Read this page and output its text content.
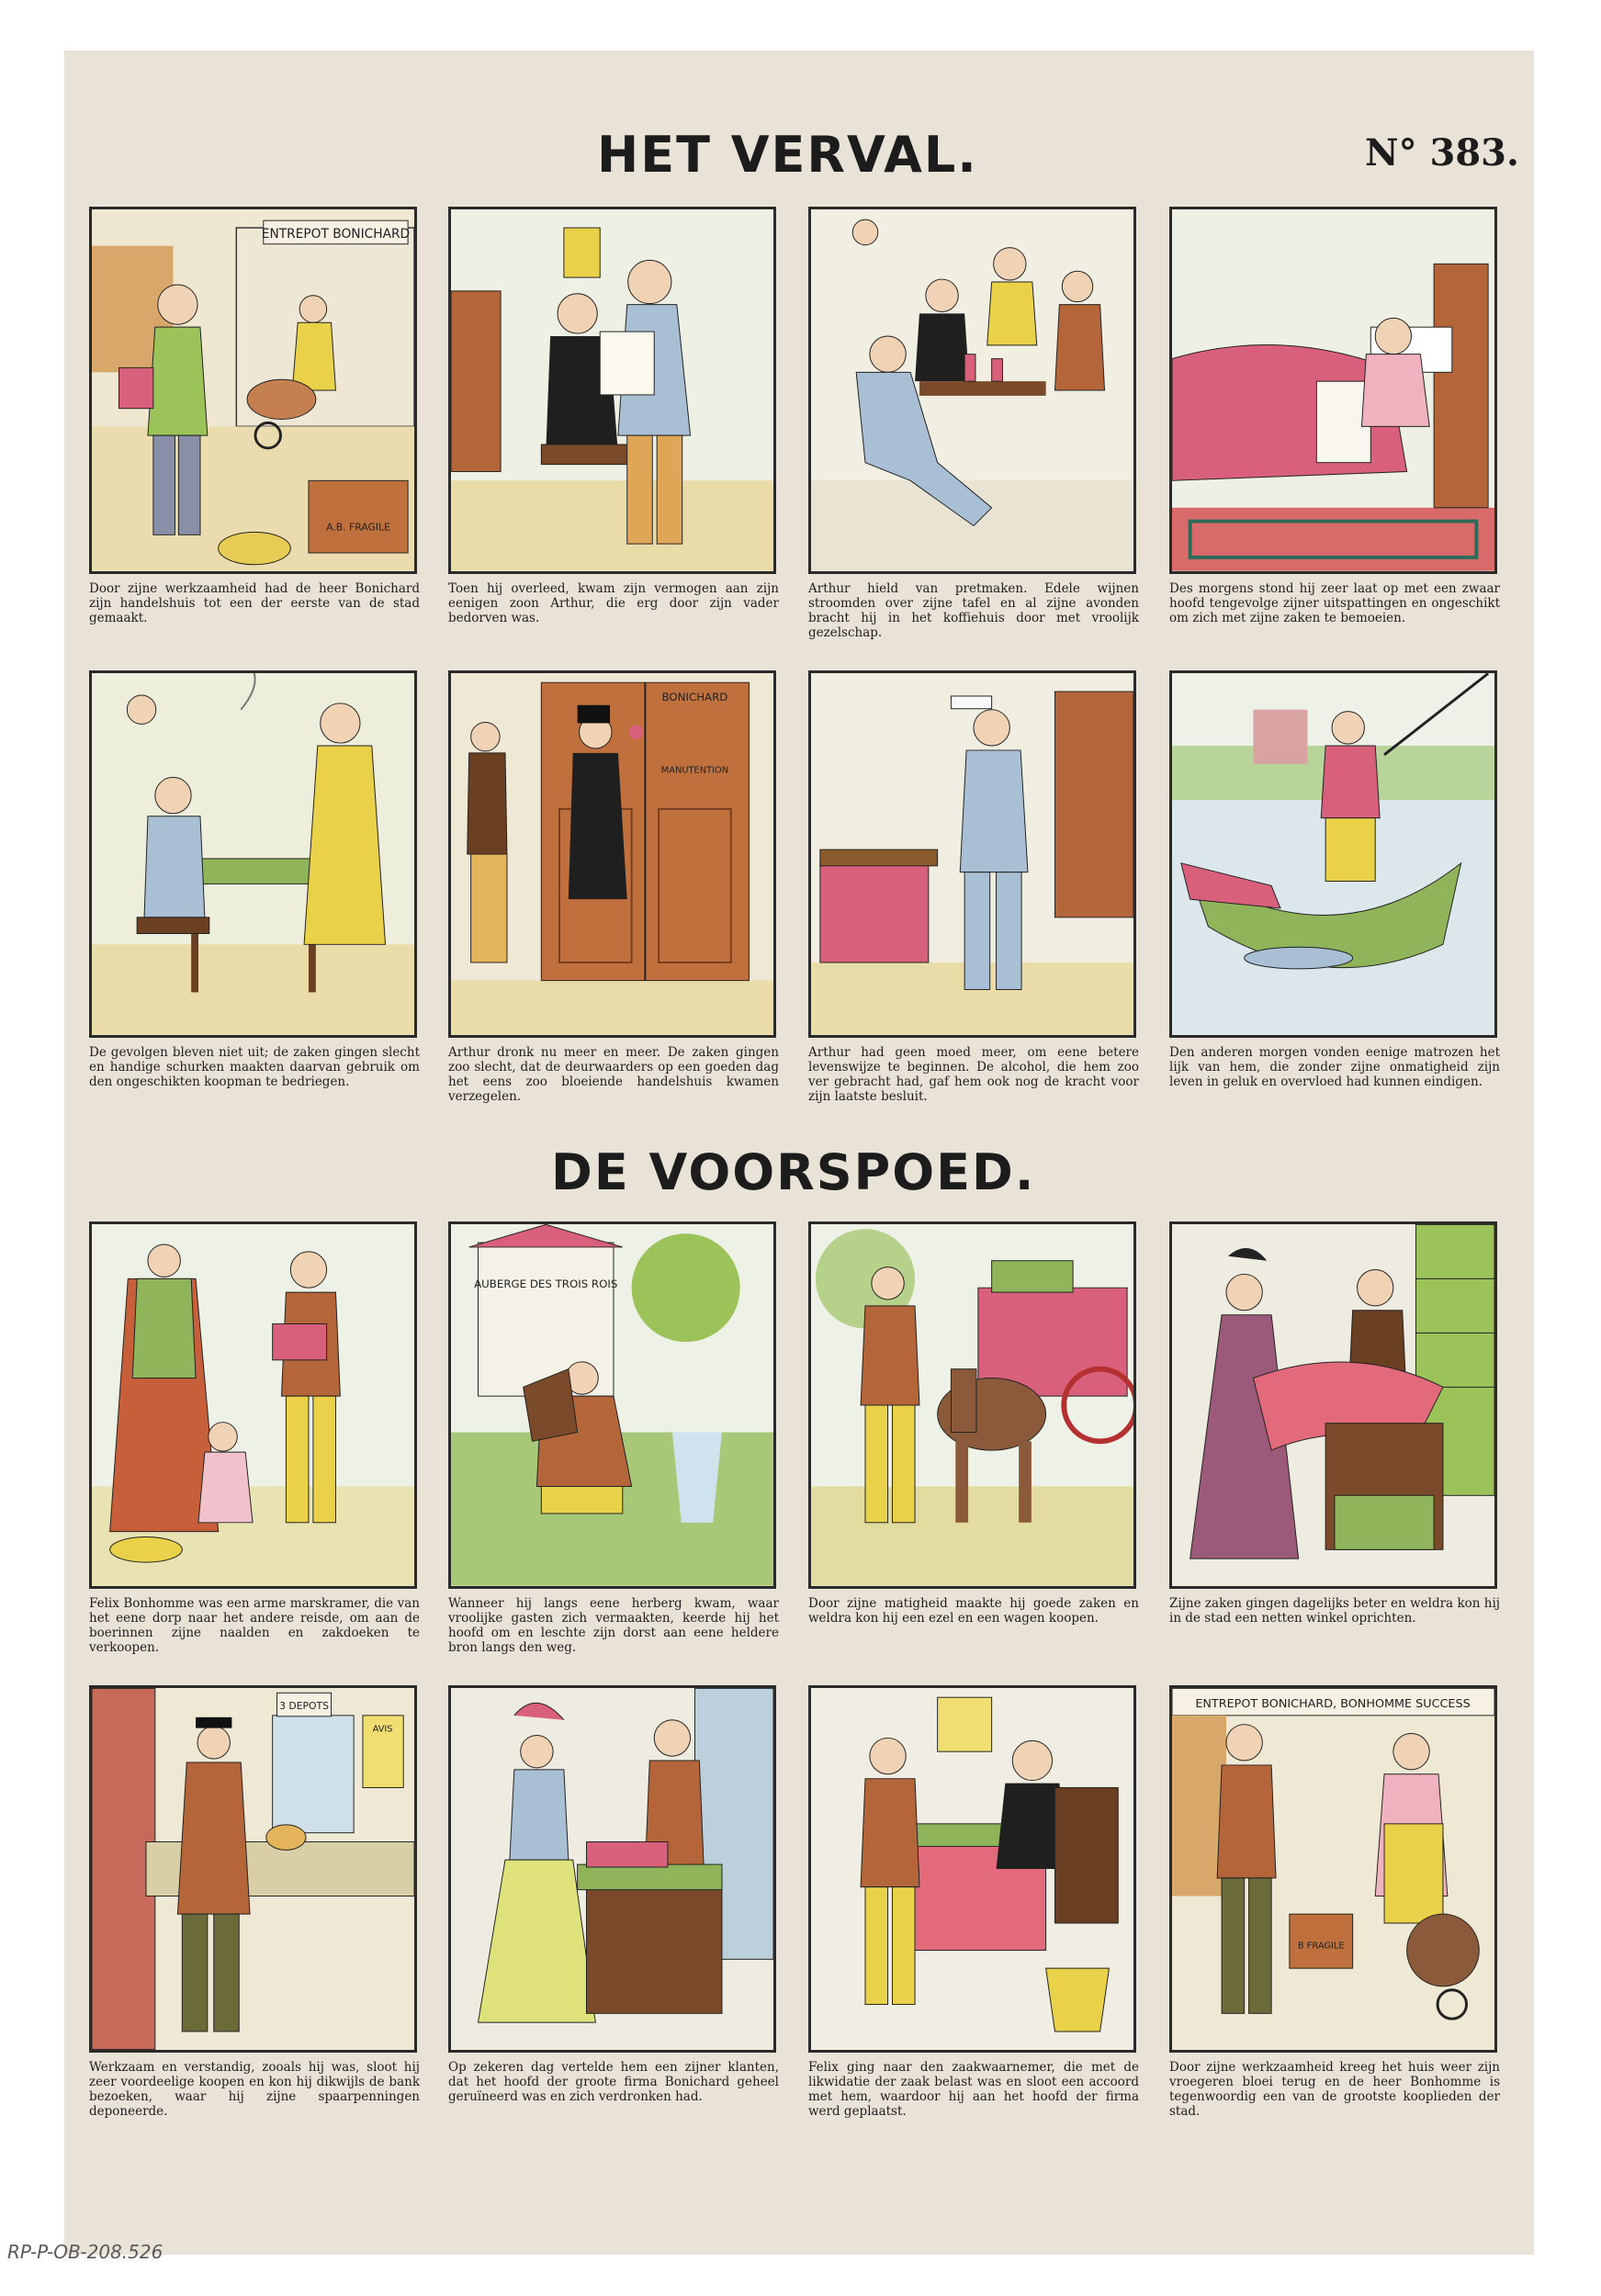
HET VERVAL.	N° 383.
DE VOORSPOED.
ENTREPOT BONICHARD
A.B. FRAGILE

Door zijne werkzaamheid had de heer Bonichard zijn handelshuis tot een der eerste van de stad gemaakt.

Toen hij overleed, kwam zijn vermogen aan zijn eenigen zoon Arthur, die erg door zijn vader bedorven was.

Arthur hield van pretmaken. Edele wijnen stroomden over zijne tafel en al zijne avonden bracht hij in het koffiehuis door met vroolijk gezelschap.

Des morgens stond hij zeer laat op met een zwaar hoofd tengevolge zijner uitspattingen en ongeschikt om zich met zijne zaken te bemoeien.

De gevolgen bleven niet uit; de zaken gingen slecht en handige schurken maakten daarvan gebruik om den ongeschikten koopman te bedriegen.

BONICHARD
MANUTENTION

Arthur dronk nu meer en meer. De zaken gingen zoo slecht, dat de deurwaarders op een goeden dag het eens zoo bloeiende handelshuis kwamen verzegelen.

Arthur had geen moed meer, om eene betere levenswijze te beginnen. De alcohol, die hem zoo ver gebracht had, gaf hem ook nog de kracht voor zijn laatste besluit.

Den anderen morgen vonden eenige matrozen het lijk van hem, die zonder zijne onmatigheid zijn leven in geluk en overvloed had kunnen eindigen.

Felix Bonhomme was een arme marskramer, die van het eene dorp naar het andere reisde, om aan de boerinnen zijne naalden en zakdoeken te verkoopen.

AUBERGE DES TROIS ROIS

Wanneer hij langs eene herberg kwam, waar vroolijke gasten zich vermaakten, keerde hij het hoofd om en leschte zijn dorst aan eene heldere bron langs den weg.

Door zijne matigheid maakte hij goede zaken en weldra kon hij een ezel en een wagen koopen.

Zijne zaken gingen dagelijks beter en weldra kon hij in de stad een netten winkel oprichten.

3 DEPOTS
AVIS

Werkzaam en verstandig, zooals hij was, sloot hij zeer voordeelige koopen en kon hij dikwijls de bank bezoeken, waar hij zijne spaarpenningen deponeerde.

Op zekeren dag vertelde hem een zijner klanten, dat het hoofd der groote firma Bonichard geheel geruïneerd was en zich verdronken had.

Felix ging naar den zaakwaarnemer, die met de likwidatie der zaak belast was en sloot een accoord met hem, waardoor hij aan het hoofd der firma werd geplaatst.

ENTREPOT BONICHARD, BONHOMME SUCCESS
B FRAGILE

Door zijne werkzaamheid kreeg het huis weer zijn vroegeren bloei terug en de heer Bonhomme is tegenwoordig een van de grootste kooplieden der stad.

RP-P-OB-208.526
